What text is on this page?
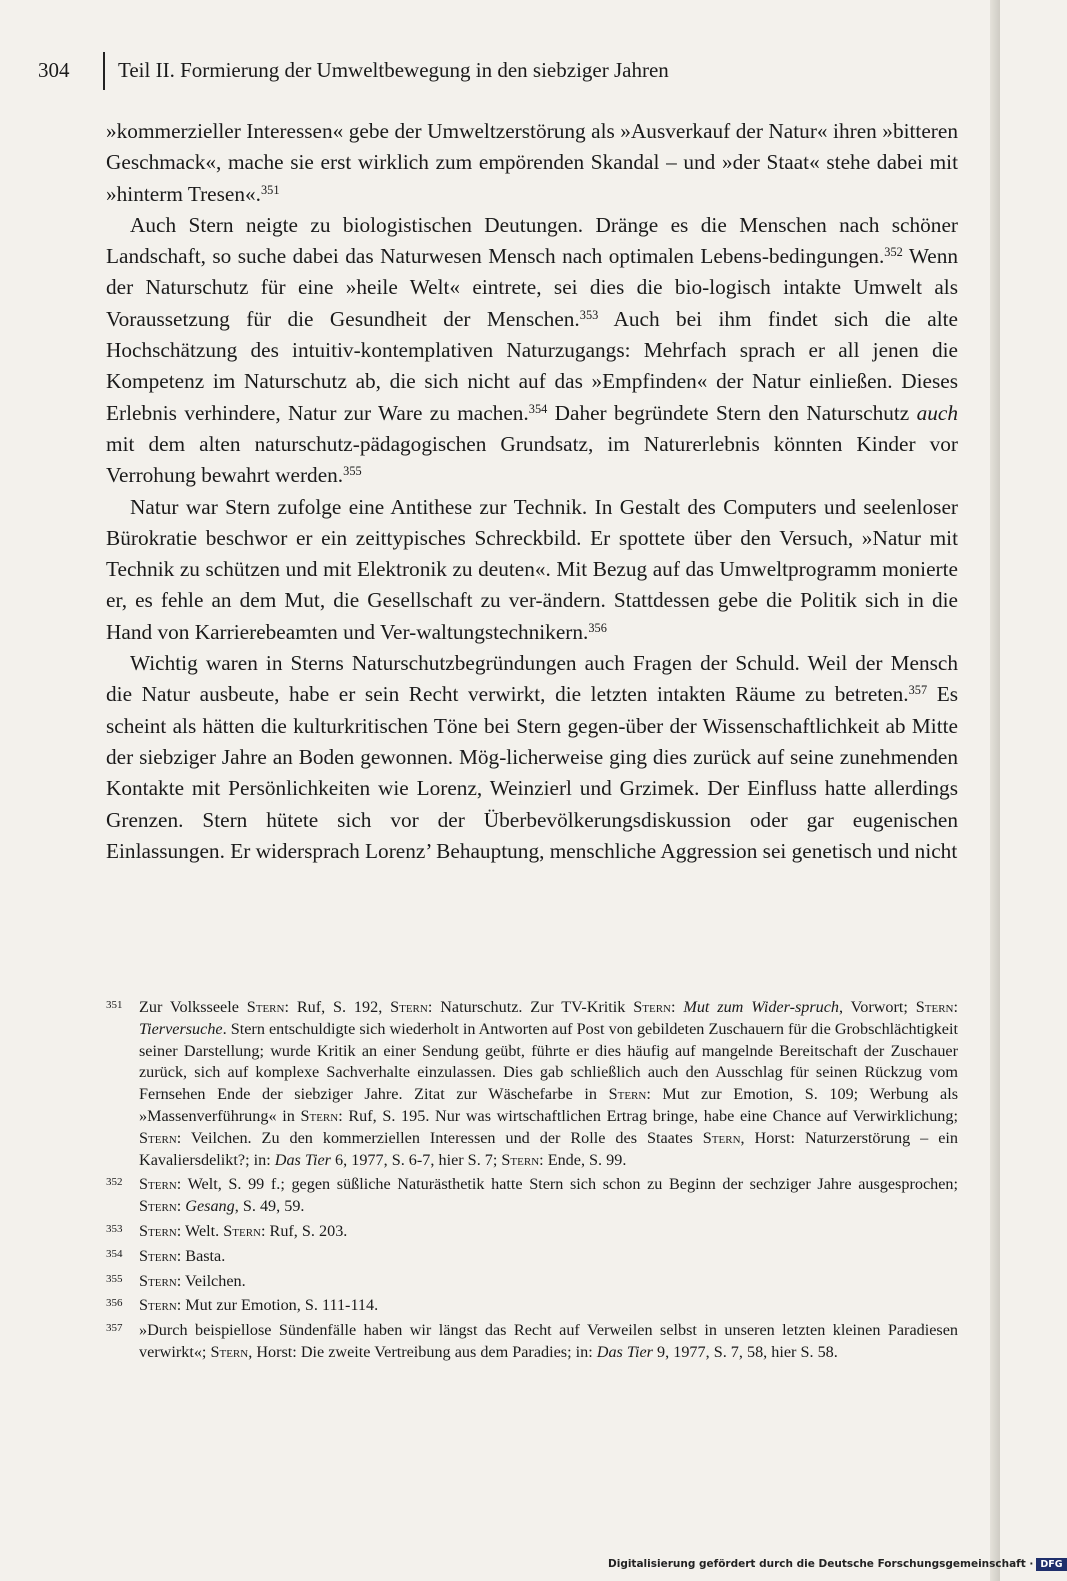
304 Teil II. Formierung der Umweltbewegung in den siebziger Jahren

»kommerzieller Interessen« gebe der Umweltzerstörung als »Ausverkauf der Natur« ihren »bitteren Geschmack«, mache sie erst wirklich zum empörenden Skandal – und »der Staat« stehe dabei mit »hinterm Tresen«.$^{351}$

Auch Stern neigte zu biologistischen Deutungen. Dränge es die Menschen nach schöner Landschaft, so suche dabei das Naturwesen Mensch nach optimalen Lebens-bedingungen.$^{352}$ Wenn der Naturschutz für eine »heile Welt« eintrete, sei dies die bio-logisch intakte Umwelt als Voraussetzung für die Gesundheit der Menschen.$^{353}$ Auch bei ihm findet sich die alte Hochschätzung des intuitiv-kontemplativen Naturzugangs: Mehrfach sprach er all jenen die Kompetenz im Naturschutz ab, die sich nicht auf das »Empfinden« der Natur einließen. Dieses Erlebnis verhindere, Natur zur Ware zu machen.$^{354}$ Daher begründete Stern den Naturschutz auch mit dem alten naturschutz-pädagogischen Grundsatz, im Naturerlebnis könnten Kinder vor Verrohung bewahrt werden.$^{355}$

Natur war Stern zufolge eine Antithese zur Technik. In Gestalt des Computers und seelenloser Bürokratie beschwor er ein zeittypisches Schreckbild. Er spottete über den Versuch, »Natur mit Technik zu schützen und mit Elektronik zu deuten«. Mit Bezug auf das Umweltprogramm monierte er, es fehle an dem Mut, die Gesellschaft zu ver-ändern. Stattdessen gebe die Politik sich in die Hand von Karrierebeamten und Ver-waltungstechnikern.$^{356}$

Wichtig waren in Sterns Naturschutzbegründungen auch Fragen der Schuld. Weil der Mensch die Natur ausbeute, habe er sein Recht verwirkt, die letzten intakten Räume zu betreten.$^{357}$ Es scheint als hätten die kulturkritischen Töne bei Stern gegen-über der Wissenschaftlichkeit ab Mitte der siebziger Jahre an Boden gewonnen. Mög-licherweise ging dies zurück auf seine zunehmenden Kontakte mit Persönlichkeiten wie Lorenz, Weinzierl und Grzimek. Der Einfluss hatte allerdings Grenzen. Stern hütete sich vor der Überbevölkerungsdiskussion oder gar eugenischen Einlassungen. Er widersprach Lorenz’ Behauptung, menschliche Aggression sei genetisch und nicht

351 Zur Volksseele Stern: Ruf, S. 192, Stern: Naturschutz. Zur TV-Kritik Stern: Mut zum Wider-spruch, Vorwort; Stern: Tierversuche. Stern entschuldigte sich wiederholt in Antworten auf Post von gebildeten Zuschauern für die Grobschlächtigkeit seiner Darstellung; wurde Kritik an einer Sendung geübt, führte er dies häufig auf mangelnde Bereitschaft der Zuschauer zurück, sich auf komplexe Sachverhalte einzulassen. Dies gab schließlich auch den Ausschlag für seinen Rückzug vom Fernsehen Ende der siebziger Jahre. Zitat zur Wäschefarbe in Stern: Mut zur Emotion, S. 109; Werbung als »Massenverführung« in Stern: Ruf, S. 195. Nur was wirtschaftlichen Ertrag bringe, habe eine Chance auf Verwirklichung; Stern: Veilchen. Zu den kommerziellen Interessen und der Rolle des Staates Stern, Horst: Naturzerstörung – ein Kavaliersdelikt?; in: Das Tier 6, 1977, S. 6-7, hier S. 7; Stern: Ende, S. 99.
352 Stern: Welt, S. 99 f.; gegen süßliche Naturästhetik hatte Stern sich schon zu Beginn der sechziger Jahre ausgesprochen; Stern: Gesang, S. 49, 59.
353 Stern: Welt. Stern: Ruf, S. 203.
354 Stern: Basta.
355 Stern: Veilchen.
356 Stern: Mut zur Emotion, S. 111-114.
357 »Durch beispiellose Sündenfälle haben wir längst das Recht auf Verweilen selbst in unseren letzten kleinen Paradiesen verwirkt«; Stern, Horst: Die zweite Vertreibung aus dem Paradies; in: Das Tier 9, 1977, S. 7, 58, hier S. 58.
Digitalisierung gefördert durch die Deutsche Forschungsgemeinschaft · DFG
